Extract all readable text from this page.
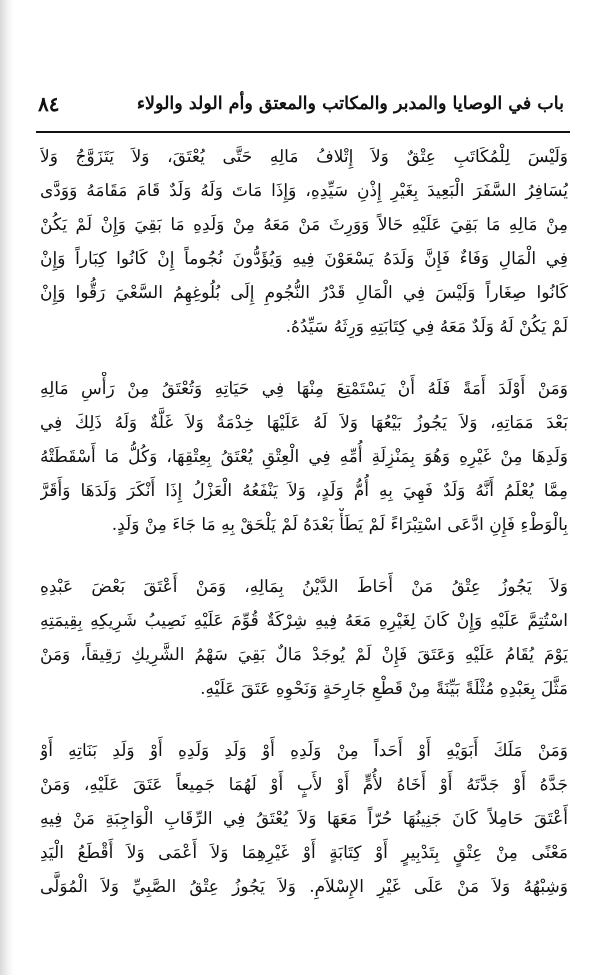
باب في الوصايا والمدبر والمكاتب والمعتق وأم الولد والولاء
٨٤
وَلَيْسَ لِلْمُكَاتَبِ عِتْقٌ وَلاَ إِتْلافُ مَالِهِ حَتَّى يُعْتَقَ، وَلاَ يَتَزَوَّجُ وَلاَ
يُسَافِرُ السَّفَرَ الْبَعِيدَ بِغَيْرِ إِذْنِ سَيِّدِهِ، وَإِذَا مَاتَ وَلَهُ وَلَدٌ قَامَ مَقَامَهُ وَوَدَّى
مِنْ مَالِهِ مَا بَقِيَ عَلَيْهِ حَالاً وَوَرِثَ مَنْ مَعَهُ مِنْ وَلَدِهِ مَا بَقِيَ وَإِنْ لَمْ يَكُنْ
فِي الْمَالِ وَفَاءٌ فَإِنَّ وَلَدَهُ يَسْعَوْنَ فِيهِ وَيُؤَدُّونَ نُجُوماً إِنْ كَانُوا كِبَاراً وَإِنْ
كَانُوا صِغَاراً وَلَيْسَ فِي الْمَالِ قَدْرُ النُّجُومِ إِلَى بُلُوغِهِمُ السَّعْيَ رَقُّوا وَإِنْ
لَمْ يَكُنْ لَهُ وَلَدٌ مَعَهُ فِي كِتَابَتِهِ وَرِثَهُ سَيِّدُهُ.
وَمَنْ أَوْلَدَ أَمَةً فَلَهُ أَنْ يَسْتَمْتِعَ مِنْهَا فِي حَيَاتِهِ وَتُعْتَقُ مِنْ رَأْسِ مَالِهِ
بَعْدَ مَمَاتِهِ، وَلاَ يَجُوزُ بَيْعُهَا وَلاَ لَهُ عَلَيْهَا خِدْمَةٌ وَلاَ غَلَّةٌ وَلَهُ ذَلِكَ فِي
وَلَدِهَا مِنْ غَيْرِهِ وَهُوَ بِمَنْزِلَةِ أُمِّهِ فِي الْعِتْقِ يُعْتَقُ بِعِتْقِهَا، وَكُلُّ مَا أَسْقَطَتْهُ
مِمَّا يُعْلَمُ أَنَّهُ وَلَدٌ فَهِيَ بِهِ أُمُّ وَلَدٍ، وَلاَ يَنْفَعُهُ الْعَزْلُ إِذَا أَنْكَرَ وَلَدَهَا وَأَقَرَّ
بِالْوَطْءِ فَإِنِ ادَّعَى اسْتِبْرَاءً لَمْ يَطَأْ بَعْدَهُ لَمْ يَلْحَقْ بِهِ مَا جَاءَ مِنْ وَلَدٍ.
وَلاَ يَجُوزُ عِتْقُ مَنْ أَحَاطَ الدَّيْنُ بِمَالِهِ، وَمَنْ أَعْتَقَ بَعْضَ عَبْدِهِ
اسْتُتِمَّ عَلَيْهِ وَإِنْ كَانَ لِغَيْرِهِ مَعَهُ فِيهِ شِرْكَةٌ قُوِّمَ عَلَيْهِ نَصِيبُ شَرِيكِهِ بِقِيمَتِهِ
يَوْمَ يُقَامُ عَلَيْهِ وَعَتَقَ فَإِنْ لَمْ يُوجَدْ مَالٌ بَقِيَ سَهْمُ الشَّرِيكِ رَقِيقاً، وَمَنْ
مَثَّلَ بِعَبْدِهِ مُثْلَةً بَيِّنَةً مِنْ قَطْعِ جَارِحَةٍ وَنَحْوِهِ عَتَقَ عَلَيْهِ.
وَمَنْ مَلَكَ أَبَوَيْهِ أَوْ أَحَداً مِنْ وَلَدِهِ أَوْ وَلَدِ وَلَدِهِ أَوْ وَلَدِ بَنَاتِهِ أَوْ
جَدَّهُ أَوْ جَدَّتَهُ أَوْ أَخَاهُ لأُمٍّ أَوْ لأَبٍ أَوْ لَهُمَا جَمِيعاً عَتَقَ عَلَيْهِ، وَمَنْ
أَعْتَقَ حَامِلاً كَانَ جَنِينُهَا حُرّاً مَعَهَا وَلاَ يُعْتَقُ فِي الرِّقَابِ الْوَاجِبَةِ مَنْ فِيهِ
مَعْنًى مِنْ عِتْقٍ بِتَدْبِيرٍ أَوْ كِتَابَةٍ أَوْ غَيْرِهِمَا وَلاَ أَعْمَى وَلاَ أَقْطَعُ الْيَدِ
وَشِبْهُهُ وَلاَ مَنْ عَلَى غَيْرِ الإِسْلاَمِ. وَلاَ يَجُوزُ عِتْقُ الصَّبِيِّ وَلاَ الْمُوَلَّى
